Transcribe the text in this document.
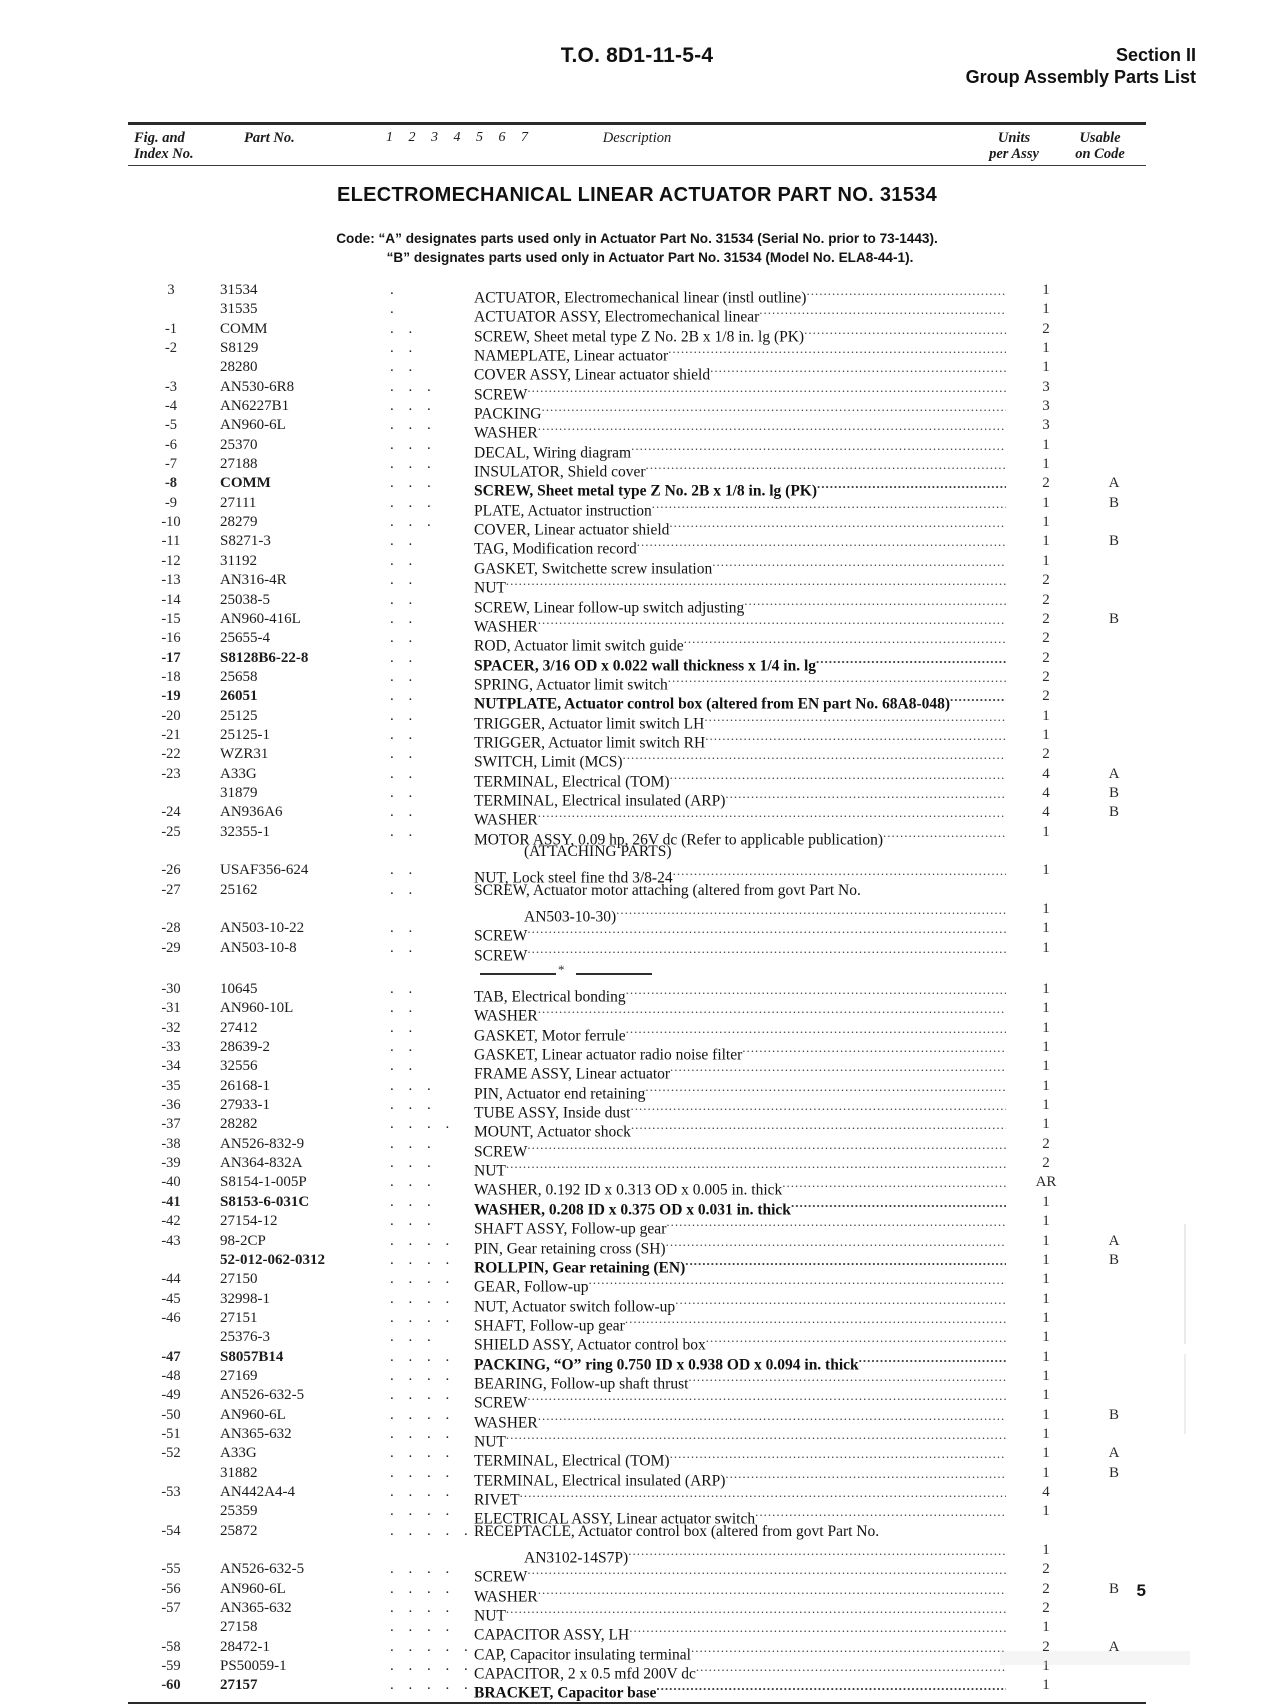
T.O. 8D1-11-5-4	Section II
Group Assembly Parts List
Fig. and
Index No.
Part No.	1 2 3 4 5 6 7	Description	Units
per Assy
Usable
on Code
ELECTROMECHANICAL LINEAR ACTUATOR PART NO. 31534
Code: “A” designates parts used only in Actuator Part No. 31534 (Serial No. prior to 73-1443).
“B” designates parts used only in Actuator Part No. 31534 (Model No. ELA8-44-1).
3	31534	.	ACTUATOR, Electromechanical linear (instl outline) .....	1
31535	.	ACTUATOR ASSY, Electromechanical linear .....	1
-1	COMM	. .	SCREW, Sheet metal type Z No. 2B x 1/8 in. lg (PK) .....	2
-2	S8129	. .	NAMEPLATE, Linear actuator .....	1
28280	. .	COVER ASSY, Linear actuator shield .....	1
-3	AN530-6R8	. . .	SCREW .....	3
-4	AN6227B1	. . .	PACKING .....	3
-5	AN960-6L	. . .	WASHER .....	3
-6	25370	. . .	DECAL, Wiring diagram .....	1
-7	27188	. . .	INSULATOR, Shield cover .....	1
-8	COMM	. . .	SCREW, Sheet metal type Z No. 2B x 1/8 in. lg (PK) .....	2	A
-9	27111	. . .	PLATE, Actuator instruction .....	1	B
-10	28279	. . .	COVER, Linear actuator shield .....	1
-11	S8271-3	. .	TAG, Modification record .....	1	B
-12	31192	. .	GASKET, Switchette screw insulation .....	1
-13	AN316-4R	. .	NUT .....	2
-14	25038-5	. .	SCREW, Linear follow-up switch adjusting .....	2
-15	AN960-416L	. .	WASHER .....	2	B
-16	25655-4	. .	ROD, Actuator limit switch guide .....	2
-17	S8128B6-22-8	. .	SPACER, 3/16 OD x 0.022 wall thickness x 1/4 in. lg .....	2
-18	25658	. .	SPRING, Actuator limit switch .....	2
-19	26051	. .	NUTPLATE, Actuator control box (altered from EN part No. 68A8-048) .....	2
-20	25125	. .	TRIGGER, Actuator limit switch LH .....	1
-21	25125-1	. .	TRIGGER, Actuator limit switch RH .....	1
-22	WZR31	. .	SWITCH, Limit (MCS) .....	2
-23	A33G	. .	TERMINAL, Electrical (TOM) .....	4	A
31879	. .	TERMINAL, Electrical insulated (ARP) .....	4	B
-24	AN936A6	. .	WASHER .....	4	B
-25	32355-1	. .	MOTOR ASSY, 0.09 hp, 26V dc (Refer to applicable publication) .....	1
(ATTACHING PARTS)
-26	USAF356-624	. .	NUT, Lock steel fine thd 3/8-24 .....	1
-27	25162	. .	SCREW, Actuator motor attaching (altered from govt Part No.
AN503-10-30) .....	1
-28	AN503-10-22	. .	SCREW .....	1
-29	AN503-10-8	. .	SCREW .....	1
*
-30	10645	. .	TAB, Electrical bonding .....	1
-31	AN960-10L	. .	WASHER .....	1
-32	27412	. .	GASKET, Motor ferrule .....	1
-33	28639-2	. .	GASKET, Linear actuator radio noise filter .....	1
-34	32556	. .	FRAME ASSY, Linear actuator .....	1
-35	26168-1	. . .	PIN, Actuator end retaining .....	1
-36	27933-1	. . .	TUBE ASSY, Inside dust .....	1
-37	28282	. . . .	MOUNT, Actuator shock .....	1
-38	AN526-832-9	. . .	SCREW .....	2
-39	AN364-832A	. . .	NUT .....	2
-40	S8154-1-005P	. . .	WASHER, 0.192 ID x 0.313 OD x 0.005 in. thick .....	AR
-41	S8153-6-031C	. . .	WASHER, 0.208 ID x 0.375 OD x 0.031 in. thick .....	1
-42	27154-12	. . .	SHAFT ASSY, Follow-up gear .....	1
-43	98-2CP	. . . .	PIN, Gear retaining cross (SH) .....	1	A
52-012-062-0312	. . . .	ROLLPIN, Gear retaining (EN) .....	1	B
-44	27150	. . . .	GEAR, Follow-up .....	1
-45	32998-1	. . . .	NUT, Actuator switch follow-up .....	1
-46	27151	. . . .	SHAFT, Follow-up gear .....	1
25376-3	. . .	SHIELD ASSY, Actuator control box .....	1
-47	S8057B14	. . . .	PACKING, “O” ring 0.750 ID x 0.938 OD x 0.094 in. thick .....	1
-48	27169	. . . .	BEARING, Follow-up shaft thrust .....	1
-49	AN526-632-5	. . . .	SCREW .....	1
-50	AN960-6L	. . . .	WASHER .....	1	B
-51	AN365-632	. . . .	NUT .....	1
-52	A33G	. . . .	TERMINAL, Electrical (TOM) .....	1	A
31882	. . . .	TERMINAL, Electrical insulated (ARP) .....	1	B
-53	AN442A4-4	. . . .	RIVET .....	4
25359	. . . .	ELECTRICAL ASSY, Linear actuator switch .....	1
-54	25872	. . . . . RECEPTACLE, Actuator control box (altered from govt Part No.
AN3102-14S7P) .....	1
-55	AN526-632-5	. . . .	SCREW .....	2
-56	AN960-6L	. . . .	WASHER .....	2	B
-57	AN365-632	. . . .	NUT .....	2
27158	. . . .	CAPACITOR ASSY, LH .....	1
-58	28472-1	. . . . . CAP, Capacitor insulating terminal .....	2	A
-59	PS50059-1	. . . . . CAPACITOR, 2 x 0.5 mfd 200V dc .....	1
-60	27157	. . . . . BRACKET, Capacitor base .....	1
5
